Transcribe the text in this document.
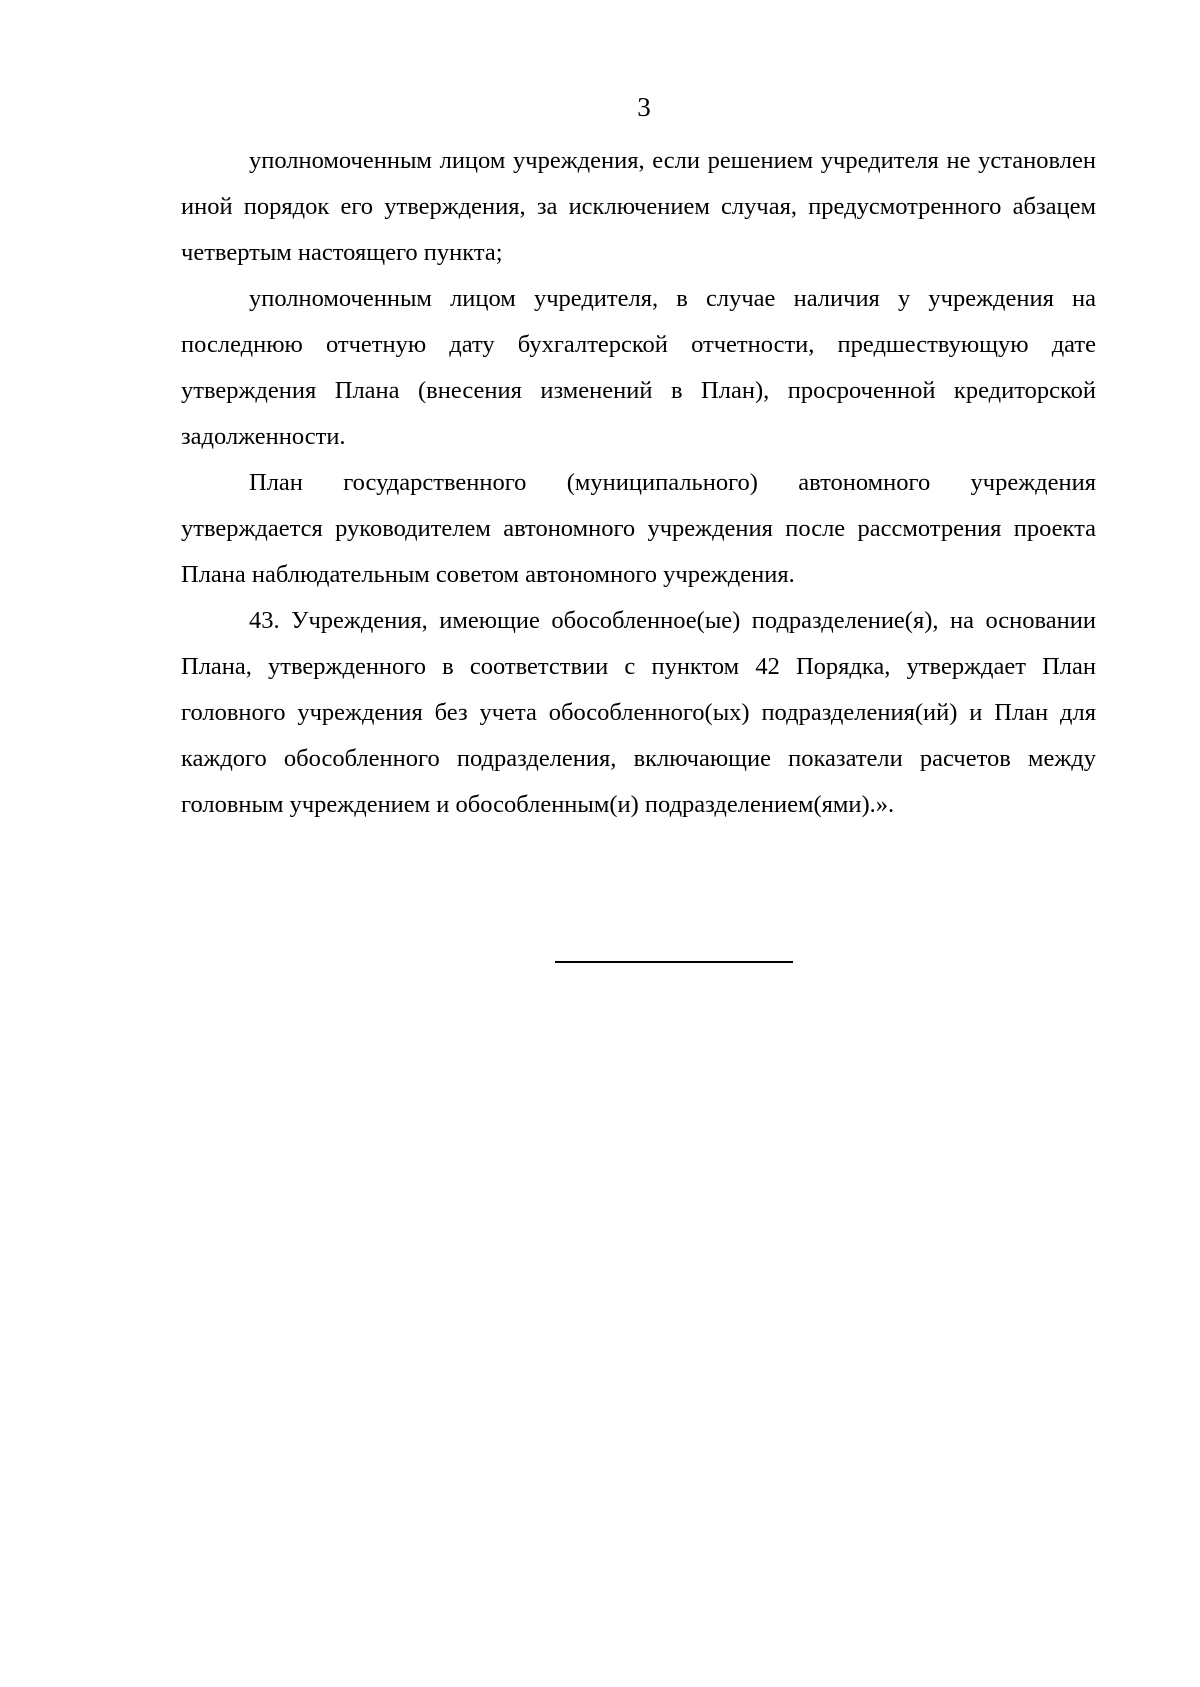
3

уполномоченным лицом учреждения, если решением учредителя не установлен иной порядок его утверждения, за исключением случая, предусмотренного абзацем четвертым настоящего пункта;

уполномоченным лицом учредителя, в случае наличия у учреждения на последнюю отчетную дату бухгалтерской отчетности, предшествующую дате утверждения Плана (внесения изменений в План), просроченной кредиторской задолженности.

План государственного (муниципального) автономного учреждения утверждается руководителем автономного учреждения после рассмотрения проекта Плана наблюдательным советом автономного учреждения.

43. Учреждения, имеющие обособленное(ые) подразделение(я), на основании Плана, утвержденного в соответствии с пунктом 42 Порядка, утверждает План головного учреждения без учета обособленного(ых) подразделения(ий) и План для каждого обособленного подразделения, включающие показатели расчетов между головным учреждением и обособленным(и) подразделением(ями).».
